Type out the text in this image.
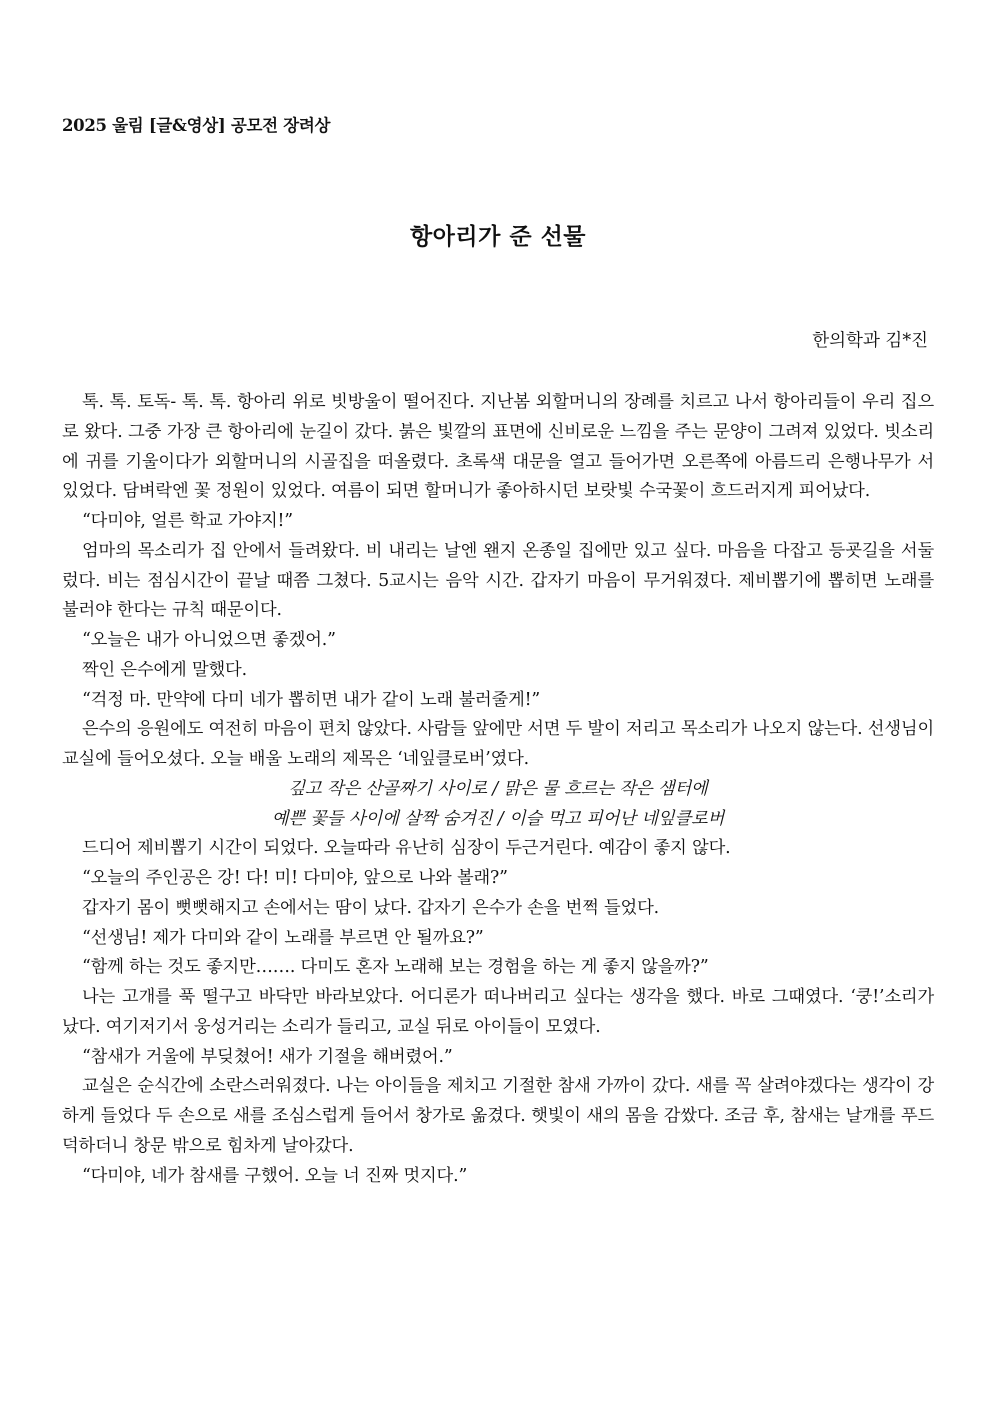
2025 울림 [글&영상] 공모전 장려상
항아리가 준 선물
한의학과 김*진

톡. 톡. 토독- 톡. 톡. 항아리 위로 빗방울이 떨어진다. 지난봄 외할머니의 장례를 치르고 나서 항아리들이 우리 집으로 왔다. 그중 가장 큰 항아리에 눈길이 갔다. 붉은 빛깔의 표면에 신비로운 느낌을 주는 문양이 그려져 있었다. 빗소리에 귀를 기울이다가 외할머니의 시골집을 떠올렸다. 초록색 대문을 열고 들어가면 오른쪽에 아름드리 은행나무가 서 있었다. 담벼락엔 꽃 정원이 있었다. 여름이 되면 할머니가 좋아하시던 보랏빛 수국꽃이 흐드러지게 피어났다.

“다미야, 얼른 학교 가야지!”

엄마의 목소리가 집 안에서 들려왔다. 비 내리는 날엔 왠지 온종일 집에만 있고 싶다. 마음을 다잡고 등굣길을 서둘렀다. 비는 점심시간이 끝날 때쯤 그쳤다. 5교시는 음악 시간. 갑자기 마음이 무거워졌다. 제비뽑기에 뽑히면 노래를 불러야 한다는 규칙 때문이다.

“오늘은 내가 아니었으면 좋겠어.”

짝인 은수에게 말했다.

“걱정 마. 만약에 다미 네가 뽑히면 내가 같이 노래 불러줄게!”

은수의 응원에도 여전히 마음이 편치 않았다. 사람들 앞에만 서면 두 발이 저리고 목소리가 나오지 않는다. 선생님이 교실에 들어오셨다. 오늘 배울 노래의 제목은 ‘네잎클로버’였다.

깊고 작은 산골짜기 사이로 / 맑은 물 흐르는 작은 샘터에

예쁜 꽃들 사이에 살짝 숨겨진 / 이슬 먹고 피어난 네잎클로버

드디어 제비뽑기 시간이 되었다. 오늘따라 유난히 심장이 두근거린다. 예감이 좋지 않다.

“오늘의 주인공은 강! 다! 미! 다미야, 앞으로 나와 볼래?”

갑자기 몸이 뻣뻣해지고 손에서는 땀이 났다. 갑자기 은수가 손을 번쩍 들었다.

“선생님! 제가 다미와 같이 노래를 부르면 안 될까요?”

“함께 하는 것도 좋지만……. 다미도 혼자 노래해 보는 경험을 하는 게 좋지 않을까?”

나는 고개를 푹 떨구고 바닥만 바라보았다. 어디론가 떠나버리고 싶다는 생각을 했다. 바로 그때였다. ‘쿵!’소리가 났다. 여기저기서 웅성거리는 소리가 들리고, 교실 뒤로 아이들이 모였다.

“참새가 거울에 부딪쳤어! 새가 기절을 해버렸어.”

교실은 순식간에 소란스러워졌다. 나는 아이들을 제치고 기절한 참새 가까이 갔다. 새를 꼭 살려야겠다는 생각이 강하게 들었다 두 손으로 새를 조심스럽게 들어서 창가로 옮겼다. 햇빛이 새의 몸을 감쌌다. 조금 후, 참새는 날개를 푸드덕하더니 창문 밖으로 힘차게 날아갔다.

“다미야, 네가 참새를 구했어. 오늘 너 진짜 멋지다.”
